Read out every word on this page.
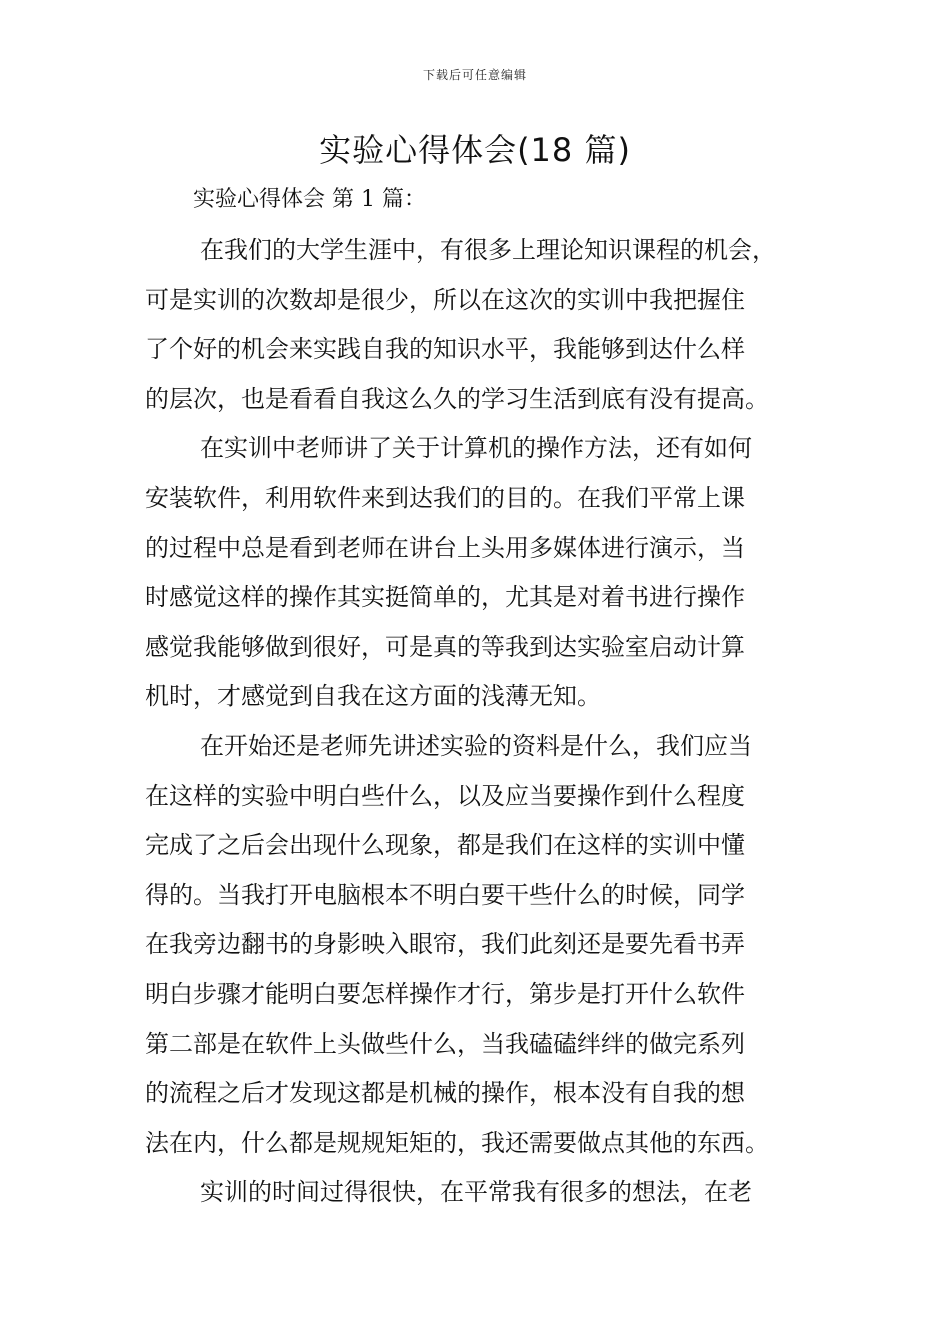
下载后可任意编辑
实验心得体会(18 篇)
实验心得体会 第 1 篇：
在我们的大学生涯中，有很多上理论知识课程的机会，
可是实训的次数却是很少，所以在这次的实训中我把握住
了个好的机会来实践自我的知识水平，我能够到达什么样
的层次，也是看看自我这么久的学习生活到底有没有提高。
在实训中老师讲了关于计算机的操作方法，还有如何
安装软件，利用软件来到达我们的目的。在我们平常上课
的过程中总是看到老师在讲台上头用多媒体进行演示，当
时感觉这样的操作其实挺简单的，尤其是对着书进行操作
感觉我能够做到很好，可是真的等我到达实验室启动计算
机时，才感觉到自我在这方面的浅薄无知。
在开始还是老师先讲述实验的资料是什么，我们应当
在这样的实验中明白些什么，以及应当要操作到什么程度
完成了之后会出现什么现象，都是我们在这样的实训中懂
得的。当我打开电脑根本不明白要干些什么的时候，同学
在我旁边翻书的身影映入眼帘，我们此刻还是要先看书弄
明白步骤才能明白要怎样操作才行，第步是打开什么软件
第二部是在软件上头做些什么，当我磕磕绊绊的做完系列
的流程之后才发现这都是机械的操作，根本没有自我的想
法在内，什么都是规规矩矩的，我还需要做点其他的东西。
实训的时间过得很快，在平常我有很多的想法，在老
